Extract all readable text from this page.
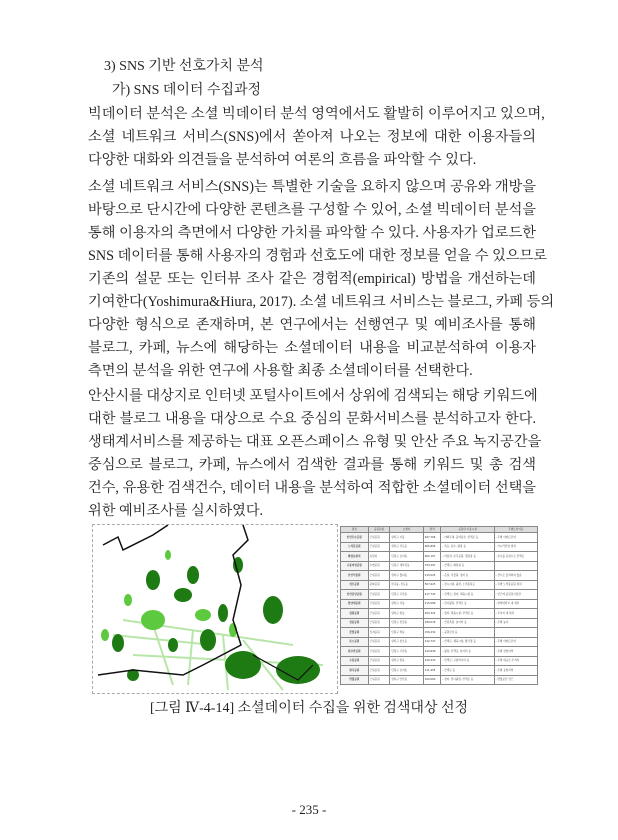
3) SNS 기반 선호가치 분석
가) SNS 데이터 수집과정
빅데이터 분석은 소셜 빅데이터 분석 영역에서도 활발히 이루어지고 있으며,
소셜 네트워크 서비스(SNS)에서 쏟아져 나오는 정보에 대한 이용자들의
다양한 대화와 의견들을 분석하여 여론의 흐름을 파악할 수 있다.
소셜 네트워크 서비스(SNS)는 특별한 기술을 요하지 않으며 공유와 개방을
바탕으로 단시간에 다양한 콘텐츠를 구성할 수 있어, 소셜 빅데이터 분석을
통해 이용자의 측면에서 다양한 가치를 파악할 수 있다. 사용자가 업로드한
SNS 데이터를 통해 사용자의 경험과 선호도에 대한 정보를 얻을 수 있으므로
기존의 설문 또는 인터뷰 조사 같은 경험적(empirical) 방법을 개선하는데
기여한다(Yoshimura&Hiura, 2017). 소셜 네트워크 서비스는 블로그, 카페 등의
다양한 형식으로 존재하며, 본 연구에서는 선행연구 및 예비조사를 통해
블로그, 카페, 뉴스에 해당하는 소셜데이터 내용을 비교분석하여 이용자
측면의 분석을 위한 연구에 사용할 최종 소셜데이터를 선택한다.
안산시를 대상지로 인터넷 포털사이트에서 상위에 검색되는 해당 키워드에
대한 블로그 내용을 대상으로 수요 중심의 문화서비스를 분석하고자 한다.
생태계서비스를 제공하는 대표 오픈스페이스 유형 및 안산 주요 녹지공간을
중심으로 블로그, 카페, 뉴스에서 검색한 결과를 통해 키워드 및 총 검색
건수, 유용한 검색건수, 데이터 내용을 분석하여 적합한 소셜데이터 선택을
위한 예비조사를 실시하였다.
명칭	공원유형	소재지	면적	공원내 이용시설	주변토지이용
안산호수공원	근린공원	상록구 사동	647,766	- 야외무대, 음악분수, 산책로 등	- 주변 아파트단지
노적봉공원	근린공원	상록구 성포동	665,806	- 폭포, 분수, 광장 등	- 가시리산업 위치
화랑유원지	유원지	단원구 초지동	602,107	- 미술관, 조각공원, 캠핑장 등	- 호수를 중심으로 산책로
구룡저연공원	수변공원	단원구 대부북동	333,297	- 산책로, 화장실 등	
안산식물원	근린공원	상록구 월피동	215,025	- 온실, 식물원, 정자 등	- 산으로 둘러싸여 있음
성호공원	문화공원	부곡동, 성포동	507,625	- 전시시설, 광장, 노적봉폭포	- 주변 노적봉공원 위치
안산중앙공원	근린공원	단원구 고잔동	417,743	- 산책로, 정자, 체육시설 등	- 인근에 올림픽기념관
한양대공원	근린공원	상록구 사동	215,089	- 잔디광장, 산책로 등	- 한양대학교 내 위치
정원공원	근린공원	상록구 일동	204,322	- 정자, 체육시설, 산책로 등	- 주거지 내 위치
선감공원	근린공원	단원구 선감동	189,076	- 산림욕장, 놀이터 등	- 주변 농지
꽃빛공원	묘지공원	단원구 와동	156,232	- 공원묘지 등	
본오공원	근린공원	상록구 본오동	122,747	- 산책로, 체육시설, 팔각정 등	- 주변 아파트단지
원고잔공원	근린공원	단원구 고잔동	120,649	- 광장, 산책로, 놀이터 등	- 주변 상업지역
구룡공원	근린공원	상록구 일동	120,433	- 산책로, 구룡약수터 등	- 주변 대규모 주거지
원곡공원	근린공원	단원구 초지동	111,455	- 산책로 등	- 주변 공업지역
반월공원	근린공원	상록구 안산동	100,060	- 정자, 잔디광장, 산책로 등	- 반월공단 인근
[그림 Ⅳ-4-14] 소셜데이터 수집을 위한 검색대상 선정
- 235 -
